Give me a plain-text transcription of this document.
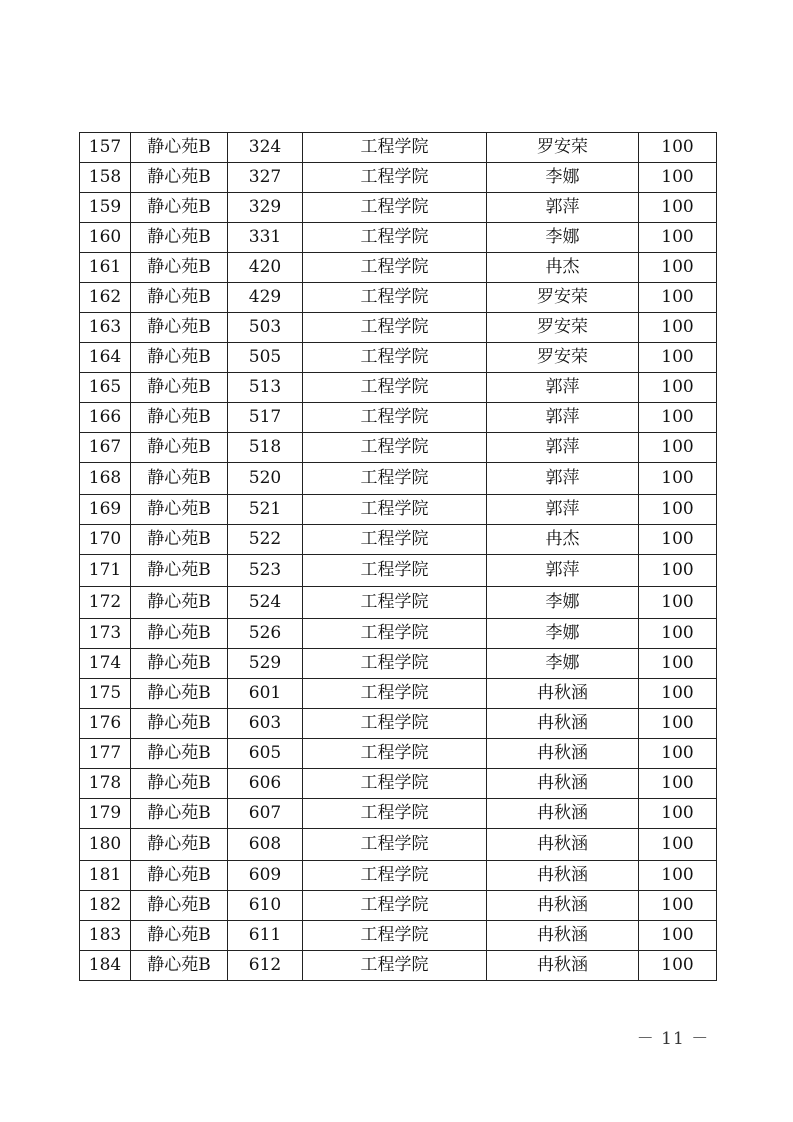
157	静心苑B	324	工程学院	罗安荣	100
158	静心苑B	327	工程学院	李娜	100
159	静心苑B	329	工程学院	郭萍	100
160	静心苑B	331	工程学院	李娜	100
161	静心苑B	420	工程学院	冉杰	100
162	静心苑B	429	工程学院	罗安荣	100
163	静心苑B	503	工程学院	罗安荣	100
164	静心苑B	505	工程学院	罗安荣	100
165	静心苑B	513	工程学院	郭萍	100
166	静心苑B	517	工程学院	郭萍	100
167	静心苑B	518	工程学院	郭萍	100
168	静心苑B	520	工程学院	郭萍	100
169	静心苑B	521	工程学院	郭萍	100
170	静心苑B	522	工程学院	冉杰	100
171	静心苑B	523	工程学院	郭萍	100
172	静心苑B	524	工程学院	李娜	100
173	静心苑B	526	工程学院	李娜	100
174	静心苑B	529	工程学院	李娜	100
175	静心苑B	601	工程学院	冉秋涵	100
176	静心苑B	603	工程学院	冉秋涵	100
177	静心苑B	605	工程学院	冉秋涵	100
178	静心苑B	606	工程学院	冉秋涵	100
179	静心苑B	607	工程学院	冉秋涵	100
180	静心苑B	608	工程学院	冉秋涵	100
181	静心苑B	609	工程学院	冉秋涵	100
182	静心苑B	610	工程学院	冉秋涵	100
183	静心苑B	611	工程学院	冉秋涵	100
184	静心苑B	612	工程学院	冉秋涵	100
－ 11 －
